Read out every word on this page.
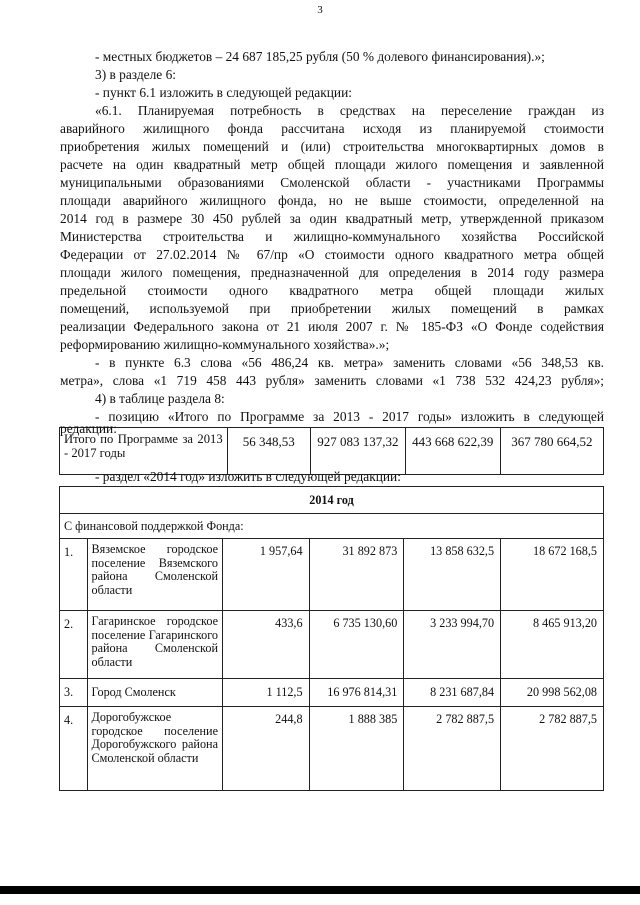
3
- местных бюджетов – 24 687 185,25 рубля (50 % долевого финансирования).»;
3) в разделе 6:
- пункт 6.1 изложить в следующей редакции:
«6.1. Планируемая потребность в средствах на переселение граждан из
аварийного жилищного фонда рассчитана исходя из планируемой стоимости
приобретения жилых помещений и (или) строительства многоквартирных домов в
расчете на один квадратный метр общей площади жилого помещения и заявленной
муниципальными образованиями Смоленской области - участниками Программы
площади аварийного жилищного фонда, но не выше стоимости, определенной на
2014 год в размере 30 450 рублей за один квадратный метр, утвержденной приказом
Министерства строительства и жилищно-коммунального хозяйства Российской
Федерации от 27.02.2014 № 67/пр «О стоимости одного квадратного метра общей
площади жилого помещения, предназначенной для определения в 2014 году размера
предельной стоимости одного квадратного метра общей площади жилых
помещений, используемой при приобретении жилых помещений в рамках
реализации Федерального закона от 21 июля 2007 г. № 185-ФЗ «О Фонде содействия
реформированию жилищно-коммунального хозяйства».»;
- в пункте 6.3 слова «56 486,24 кв. метра» заменить словами «56 348,53 кв.
метра», слова «1 719 458 443 рубля» заменить словами «1 738 532 424,23 рубля»;
4) в таблице раздела 8:
- позицию «Итого по Программе за 2013 - 2017 годы» изложить в следующей
Итого по Программе за 2013 - 2017 годы	56 348,53	927 083 137,32	443 668 622,39	367 780 664,52
редакции:
- раздел «2014 год» изложить в следующей редакции:
2014 год					
С финансовой поддержкой Фонда:					
1.	Вяземское городское поселение Вяземского района Смоленской области	1 957,64	31 892 873	13 858 632,5	18 672 168,5
2.	Гагаринское городское поселение Гагаринского района Смоленской области	433,6	6 735 130,60	3 233 994,70	8 465 913,20
3.	Город Смоленск	1 112,5	16 976 814,31	8 231 687,84	20 998 562,08
4.	Дорогобужское городское поселение Дорогобужского района Смоленской области	244,8	1 888 385	2 782 887,5	2 782 887,5
